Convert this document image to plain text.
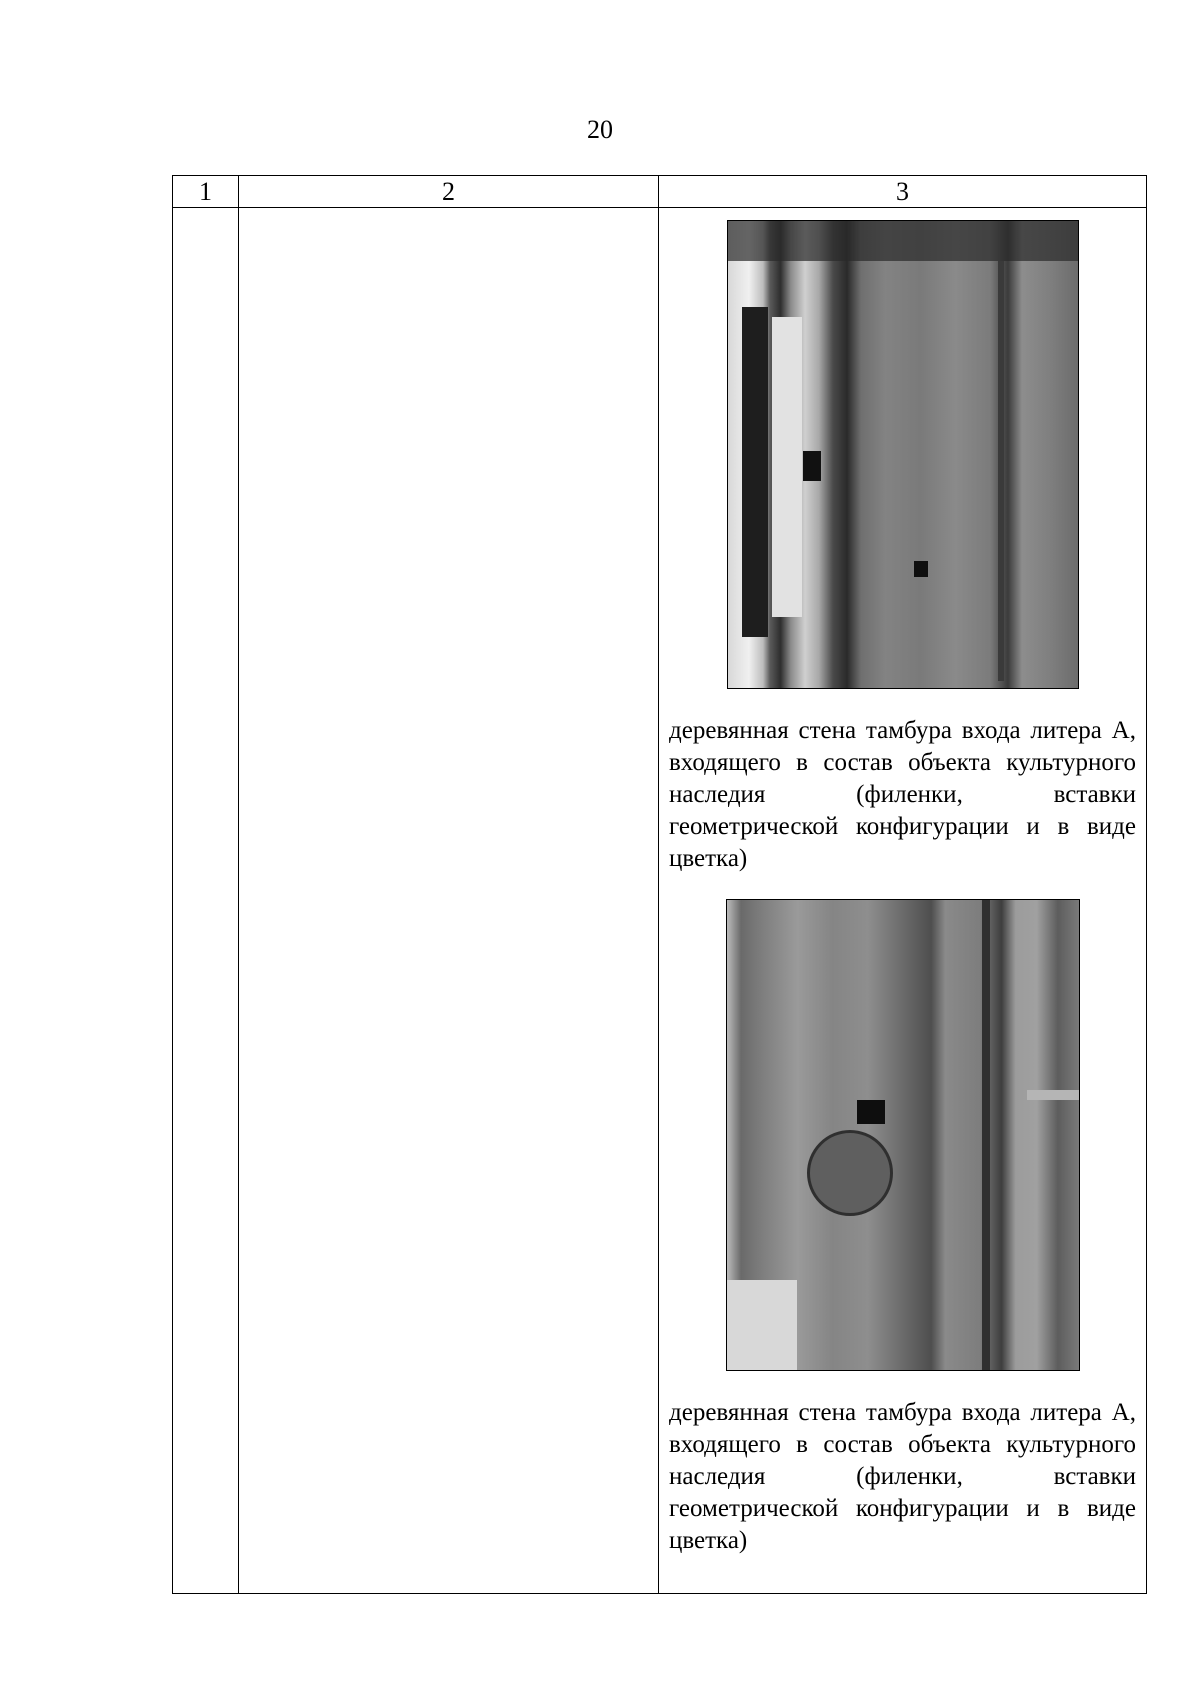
20
1	2	3

		деревянная стена тамбура входа литера А, входящего в состав объекта культурного наследия (филенки, вставки геометрической конфигурации и в виде цветка)
деревянная стена тамбура входа литера А, входящего в состав объекта культурного наследия (филенки, вставки геометрической конфигурации и в виде цветка)
